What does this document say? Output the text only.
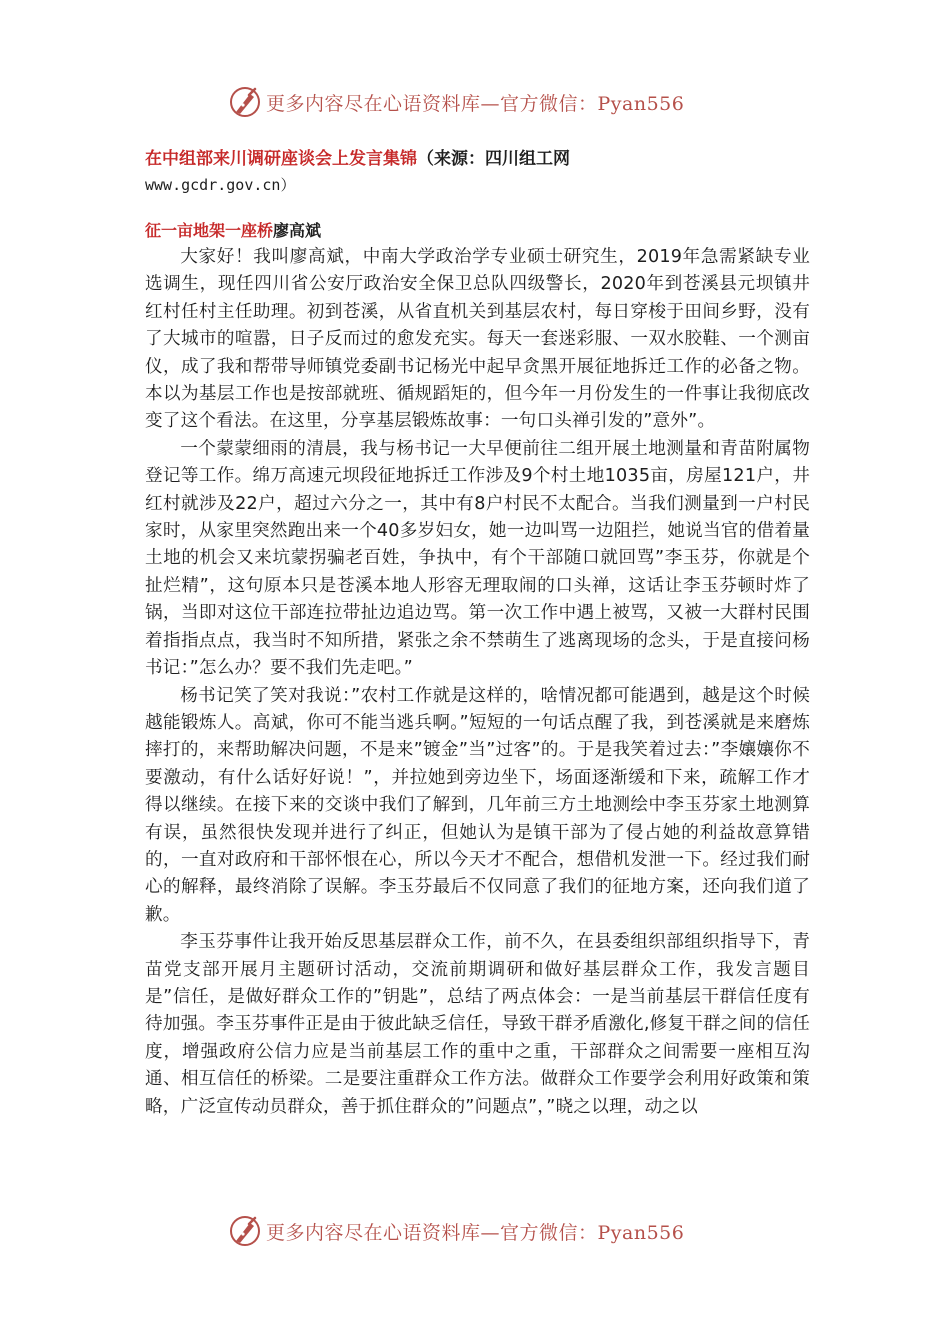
更多内容尽在心语资料库—官方微信：Pyan556
在中组部来川调研座谈会上发言集锦（来源：四川组工网
www.gcdr.gov.cn）
征一亩地架一座桥廖高斌

大家好！我叫廖高斌，中南大学政治学专业硕士研究生，2019年急需紧缺专业选调生，现任四川省公安厅政治安全保卫总队四级警长，2020年到苍溪县元坝镇井红村任村主任助理。初到苍溪，从省直机关到基层农村，每日穿梭于田间乡野，没有了大城市的喧嚣，日子反而过的愈发充实。每天一套迷彩服、一双水胶鞋、一个测亩仪，成了我和帮带导师镇党委副书记杨光中起早贪黑开展征地拆迁工作的必备之物。本以为基层工作也是按部就班、循规蹈矩的，但今年一月份发生的一件事让我彻底改变了这个看法。在这里，分享基层锻炼故事：一句口头禅引发的”意外”。

一个蒙蒙细雨的清晨，我与杨书记一大早便前往二组开展土地测量和青苗附属物登记等工作。绵万高速元坝段征地拆迁工作涉及9个村土地1035亩，房屋121户，井红村就涉及22户，超过六分之一，其中有8户村民不太配合。当我们测量到一户村民家时，从家里突然跑出来一个40多岁妇女，她一边叫骂一边阻拦，她说当官的借着量土地的机会又来坑蒙拐骗老百姓，争执中，有个干部随口就回骂”李玉芬，你就是个扯烂精”，这句原本只是苍溪本地人形容无理取闹的口头禅，这话让李玉芬顿时炸了锅，当即对这位干部连拉带扯边追边骂。第一次工作中遇上被骂，又被一大群村民围着指指点点，我当时不知所措，紧张之余不禁萌生了逃离现场的念头，于是直接问杨书记：”怎么办？要不我们先走吧。”

杨书记笑了笑对我说：”农村工作就是这样的，啥情况都可能遇到，越是这个时候越能锻炼人。高斌，你可不能当逃兵啊。”短短的一句话点醒了我，到苍溪就是来磨炼摔打的，来帮助解决问题，不是来”镀金”当”过客”的。于是我笑着过去：”李孃孃你不要激动，有什么话好好说！”，并拉她到旁边坐下，场面逐渐缓和下来，疏解工作才得以继续。在接下来的交谈中我们了解到，几年前三方土地测绘中李玉芬家土地测算有误，虽然很快发现并进行了纠正，但她认为是镇干部为了侵占她的利益故意算错的，一直对政府和干部怀恨在心，所以今天才不配合，想借机发泄一下。经过我们耐心的解释，最终消除了误解。李玉芬最后不仅同意了我们的征地方案，还向我们道了歉。

李玉芬事件让我开始反思基层群众工作，前不久，在县委组织部组织指导下，青苗党支部开展月主题研讨活动，交流前期调研和做好基层群众工作，我发言题目是”信任，是做好群众工作的”钥匙”，总结了两点体会：一是当前基层干群信任度有待加强。李玉芬事件正是由于彼此缺乏信任，导致干群矛盾激化,修复干群之间的信任度，增强政府公信力应是当前基层工作的重中之重，干部群众之间需要一座相互沟通、相互信任的桥梁。二是要注重群众工作方法。做群众工作要学会利用好政策和策略，广泛宣传动员群众，善于抓住群众的”问题点”，”晓之以理，动之以

更多内容尽在心语资料库—官方微信：Pyan556
